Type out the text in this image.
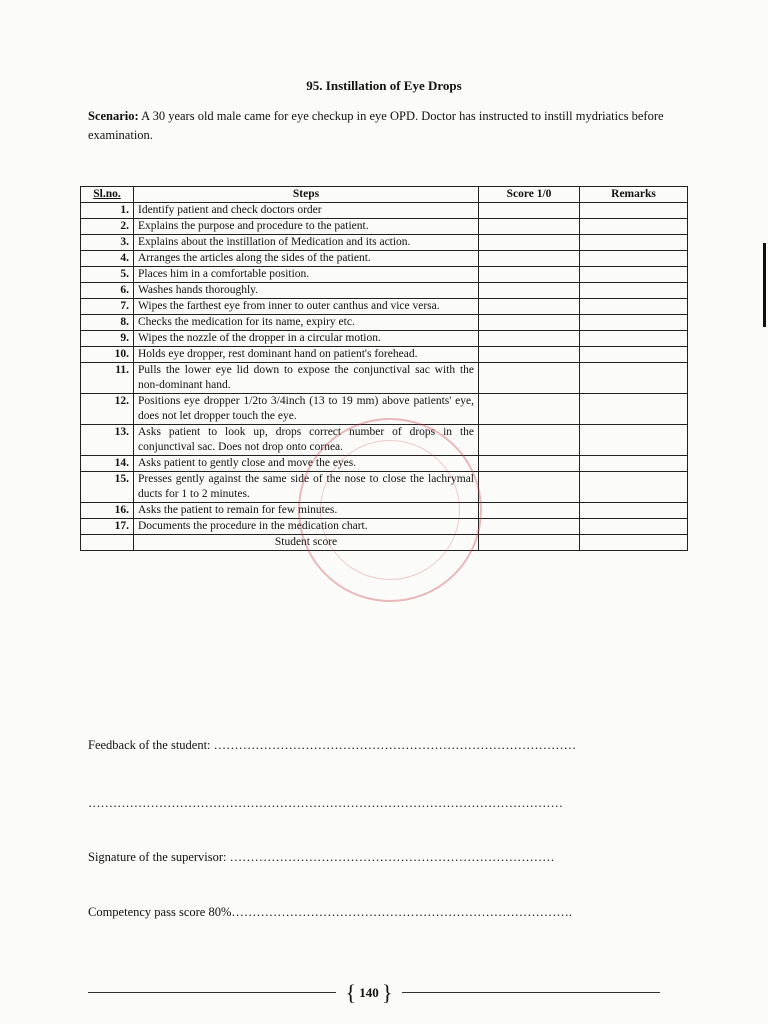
95. Instillation of Eye Drops
Scenario: A 30 years old male came for eye checkup in eye OPD. Doctor has instructed to instill mydriatics before examination.
Sl.no.	Steps	Score 1/0	Remarks
1.	Identify patient and check doctors order		
2.	Explains the purpose and procedure to the patient.		
3.	Explains about the instillation of Medication and its action.		
4.	Arranges the articles along the sides of the patient.		
5.	Places him in a comfortable position.		
6.	Washes hands thoroughly.		
7.	Wipes the farthest eye from inner to outer canthus and vice versa.		
8.	Checks the medication for its name, expiry etc.		
9.	Wipes the nozzle of the dropper in a circular motion.		
10.	Holds eye dropper, rest dominant hand on patient's forehead.		
11.	Pulls the lower eye lid down to expose the conjunctival sac with the non-dominant hand.		
12.	Positions eye dropper 1/2to 3/4inch (13 to 19 mm) above patients' eye, does not let dropper touch the eye.		
13.	Asks patient to look up, drops correct number of drops in the conjunctival sac. Does not drop onto cornea.		
14.	Asks patient to gently close and move the eyes.		
15.	Presses gently against the same side of the nose to close the lachrymal ducts for 1 to 2 minutes.		
16.	Asks the patient to remain for few minutes.		
17.	Documents the procedure in the medication chart.		
	Student score		
Feedback of the student: ……………………………………………………………………………
……………………………………………………………………………………………………
Signature of the supervisor: ……………………………………………………………………
Competency pass score 80%……………………………………………………………………….
{ 140 }
